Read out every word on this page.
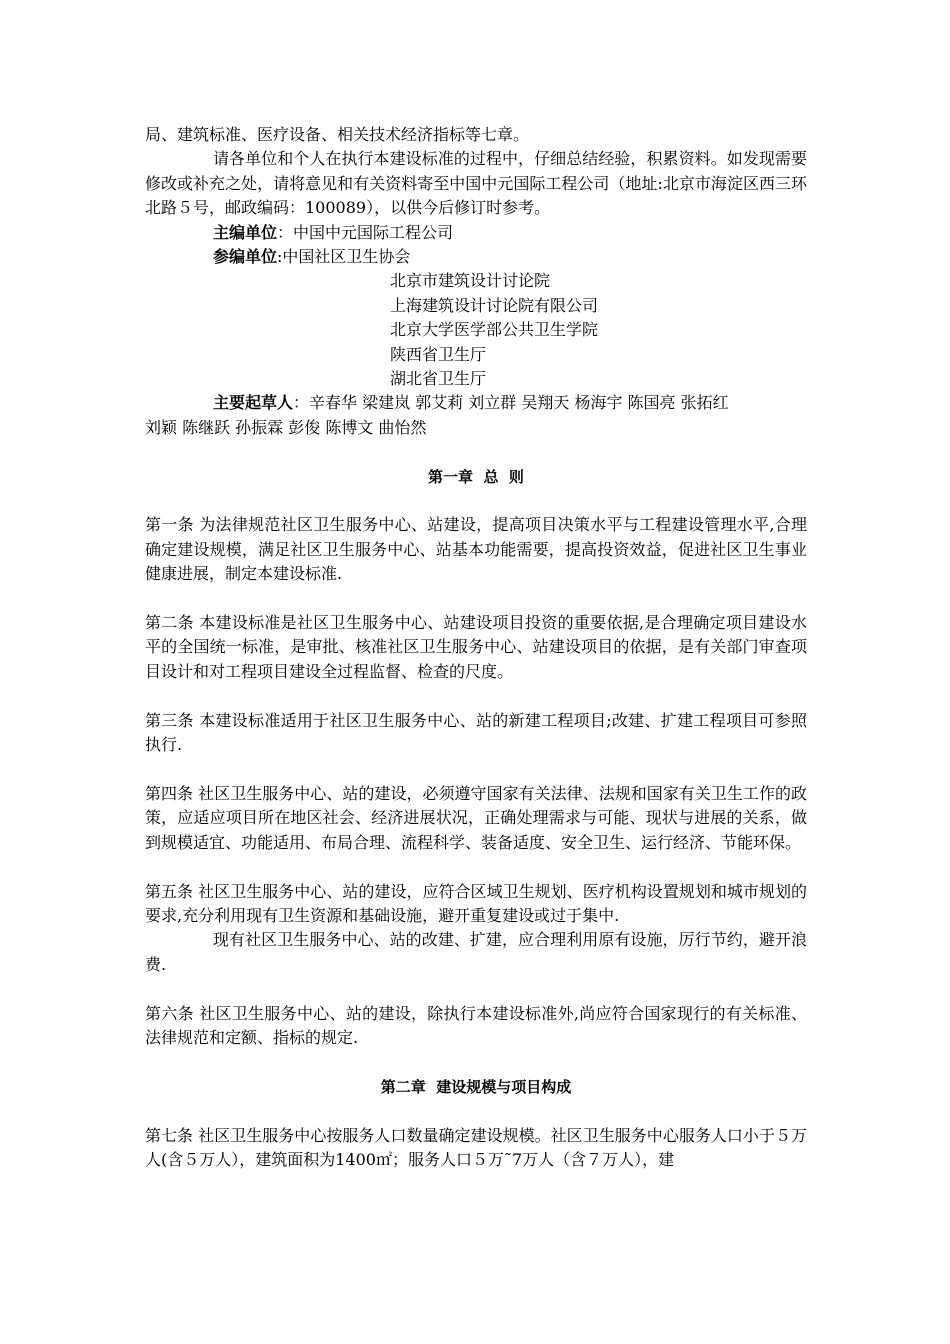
局、建筑标准、医疗设备、相关技术经济指标等七章。

请各单位和个人在执行本建设标准的过程中，仔细总结经验，积累资料。如发现需要修改或补充之处，请将意见和有关资料寄至中国中元国际工程公司（地址:北京市海淀区西三环北路５号，邮政编码：100089），以供今后修订时参考。

主编单位：中国中元国际工程公司

参编单位:中国社区卫生协会

北京市建筑设计讨论院

上海建筑设计讨论院有限公司

北京大学医学部公共卫生学院

陕西省卫生厅

湖北省卫生厅

主要起草人：辛春华 梁建岚 郭艾莉 刘立群 吴翔天 杨海宇 陈国亮 张拓红

刘颖 陈继跃 孙振霖 彭俊 陈博文 曲怡然

第一章  总  则

第一条 为法律规范社区卫生服务中心、站建设，提高项目决策水平与工程建设管理水平,合理确定建设规模，满足社区卫生服务中心、站基本功能需要，提高投资效益，促进社区卫生事业健康进展，制定本建设标准.

第二条 本建设标准是社区卫生服务中心、站建设项目投资的重要依据,是合理确定项目建设水平的全国统一标准，是审批、核准社区卫生服务中心、站建设项目的依据，是有关部门审查项目设计和对工程项目建设全过程监督、检查的尺度。

第三条 本建设标准适用于社区卫生服务中心、站的新建工程项目;改建、扩建工程项目可参照执行.

第四条 社区卫生服务中心、站的建设，必须遵守国家有关法律、法规和国家有关卫生工作的政策，应适应项目所在地区社会、经济进展状况，正确处理需求与可能、现状与进展的关系，做到规模适宜、功能适用、布局合理、流程科学、装备适度、安全卫生、运行经济、节能环保。

第五条 社区卫生服务中心、站的建设，应符合区域卫生规划、医疗机构设置规划和城市规划的要求,充分利用现有卫生资源和基础设施，避开重复建设或过于集中.

现有社区卫生服务中心、站的改建、扩建，应合理利用原有设施，厉行节约，避开浪费.

第六条 社区卫生服务中心、站的建设，除执行本建设标准外,尚应符合国家现行的有关标准、法律规范和定额、指标的规定.

第二章  建设规模与项目构成

第七条 社区卫生服务中心按服务人口数量确定建设规模。社区卫生服务中心服务人口小于５万人(含５万人），建筑面积为1400㎡；服务人口５万˜7万人（含７万人），建
